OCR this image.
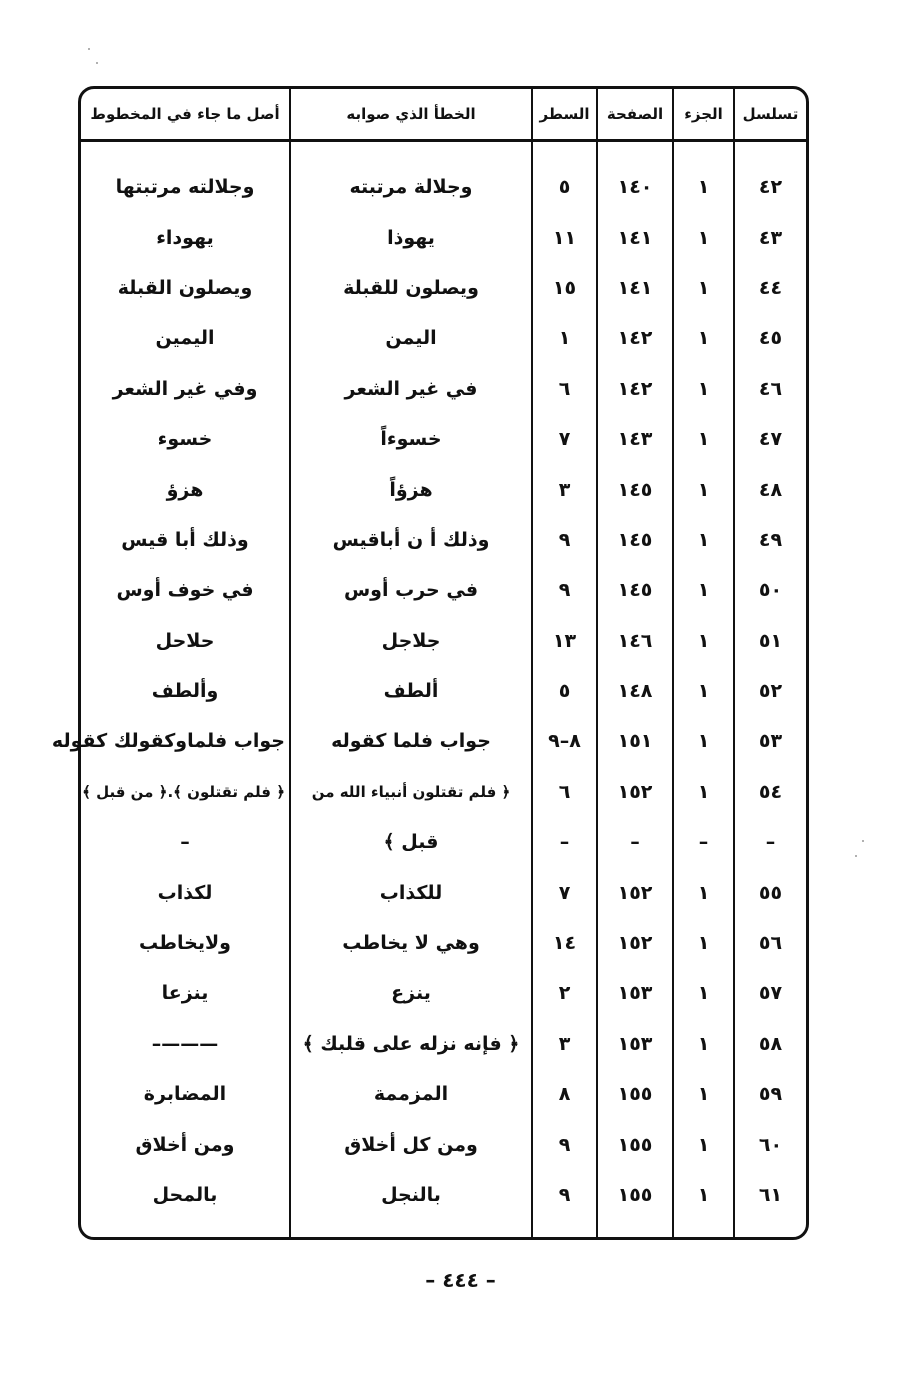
تسلسل	الجزء	الصفحة	السطر	الخطأ الذي صوابه	أصل ما جاء في المخطوط

٤٢	١	١٤٠	٥	وجلالة مرتبته	وجلالته مرتبتها
٤٣	١	١٤١	١١	يهوذا	يهوداء
٤٤	١	١٤١	١٥	ويصلون للقبلة	ويصلون القبلة
٤٥	١	١٤٢	١	اليمن	اليمين
٤٦	١	١٤٢	٦	في غير الشعر	وفي غير الشعر
٤٧	١	١٤٣	٧	خسوءاً	خسوء
٤٨	١	١٤٥	٣	هزؤاً	هزؤ
٤٩	١	١٤٥	٩	وذلك أ ن أباقيس	وذلك أبا قيس
٥٠	١	١٤٥	٩	في حرب أوس	في خوف أوس
٥١	١	١٤٦	١٣	جلاجل	حلاحل
٥٢	١	١٤٨	٥	ألطف	وألطف
٥٣	١	١٥١	٨–٩	جواب فلما كقوله	جواب فلماوكقولك كقوله
٥٤	١	١٥٢	٦	﴿ فلم تقتلون أنبياء الله من	﴿ فلم تقتلون ﴾.﴿ من قبل ﴾
–	–	–	–	قبل ﴾	–
٥٥	١	١٥٢	٧	للكذاب	لكذاب
٥٦	١	١٥٢	١٤	وهي لا يخاطب	ولايخاطب
٥٧	١	١٥٣	٢	ينزع	ينزعا
٥٨	١	١٥٣	٣	﴿ فإنه نزله على قلبك ﴾	———–
٥٩	١	١٥٥	٨	المزممة	المضابرة
٦٠	١	١٥٥	٩	ومن كل أخلاق	ومن أخلاق
٦١	١	١٥٥	٩	بالنجل	بالمحل

– ٤٤٤ –
